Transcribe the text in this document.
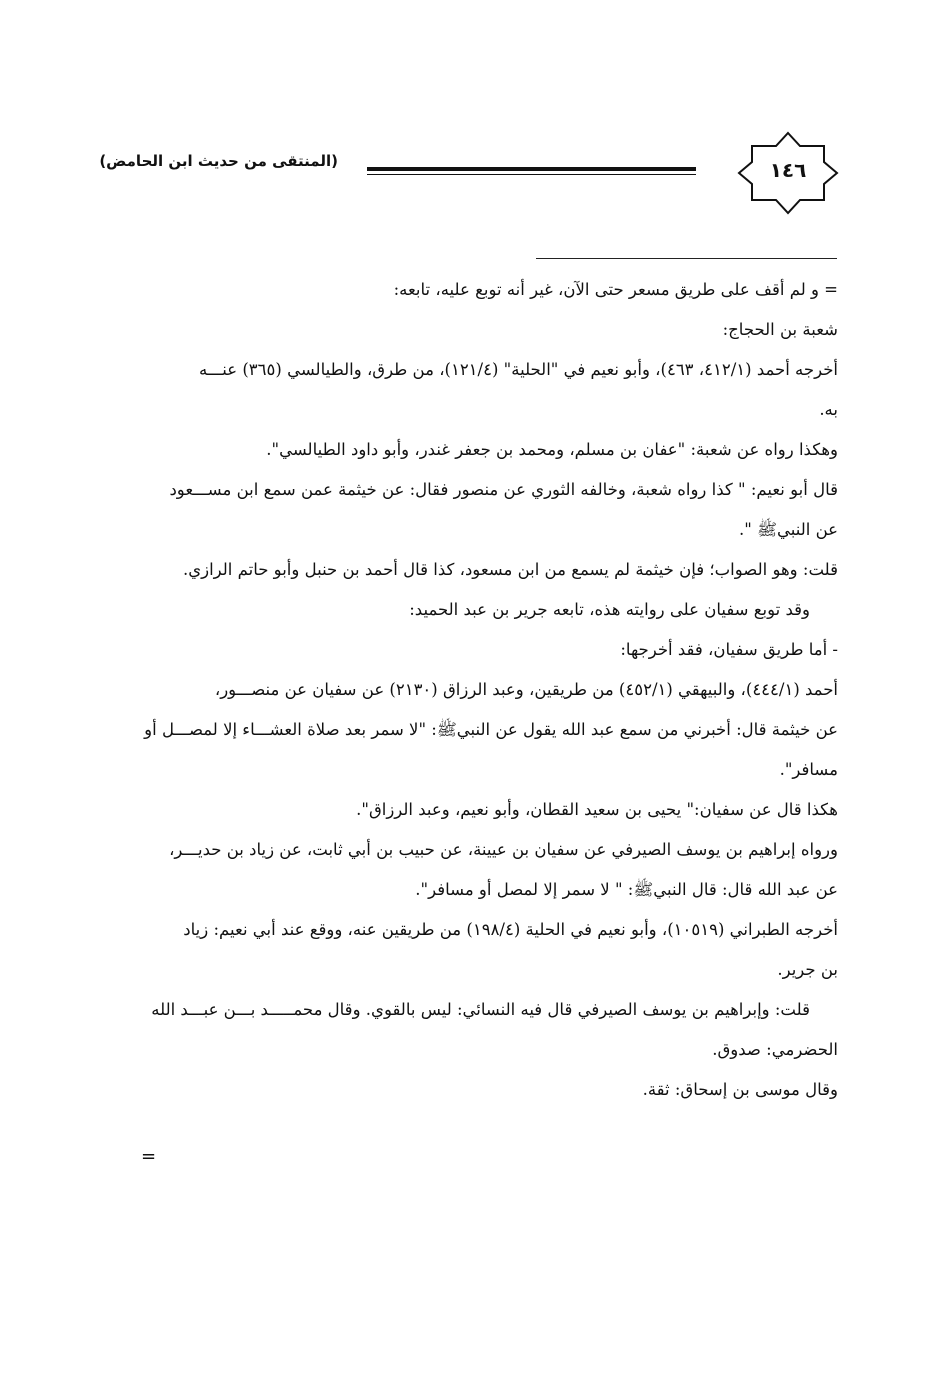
(المنتقى من حديث ابن الحامض)	١٤٦
= و لم أقف على طريق مسعر حتى الآن، غير أنه توبع عليه، تابعه:
شعبة بن الحجاج:
أخرجه أحمد (٤١٢/١، ٤٦٣)، وأبو نعيم في "الحلية" (١٢١/٤)، من طرق، والطيالسي (٣٦٥) عنـــه
به.
وهكذا رواه عن شعبة: "عفان بن مسلم، ومحمد بن جعفر غندر، وأبو داود الطيالسي".
قال أبو نعيم: " كذا رواه شعبة، وخالفه الثوري عن منصور فقال: عن خيثمة عمن سمع ابن مســـعود
عن النبيﷺ ".
قلت: وهو الصواب؛ فإن خيثمة لم يسمع من ابن مسعود، كذا قال أحمد بن حنبل وأبو حاتم الرازي.
وقد توبع سفيان على روايته هذه، تابعه جرير بن عبد الحميد:
- أما طريق سفيان، فقد أخرجها:
أحمد (٤٤٤/١)، والبيهقي (٤٥٢/١) من طريقين، وعبد الرزاق (٢١٣٠) عن سفيان عن منصـــور،
عن خيثمة قال: أخبرني من سمع عبد الله يقول عن النبيﷺ: "لا سمر بعد صلاة العشـــاء إلا لمصـــل أو
مسافر".
هكذا قال عن سفيان:" يحيى بن سعيد القطان، وأبو نعيم، وعبد الرزاق".
ورواه إبراهيم بن يوسف الصيرفي عن سفيان بن عيينة، عن حبيب بن أبي ثابت، عن زياد بن حديـــر،
عن عبد الله قال: قال النبيﷺ: " لا سمر إلا لمصل أو مسافر".
أخرجه الطبراني (١٠٥١٩)، وأبو نعيم في الحلية (١٩٨/٤) من طريقين عنه، ووقع عند أبي نعيم: زياد
بن جرير.
قلت: وإبراهيم بن يوسف الصيرفي قال فيه النسائي: ليس بالقوي. وقال محمـــــد بـــن عبـــد الله
الحضرمي: صدوق.
وقال موسى بن إسحاق: ثقة.
=
